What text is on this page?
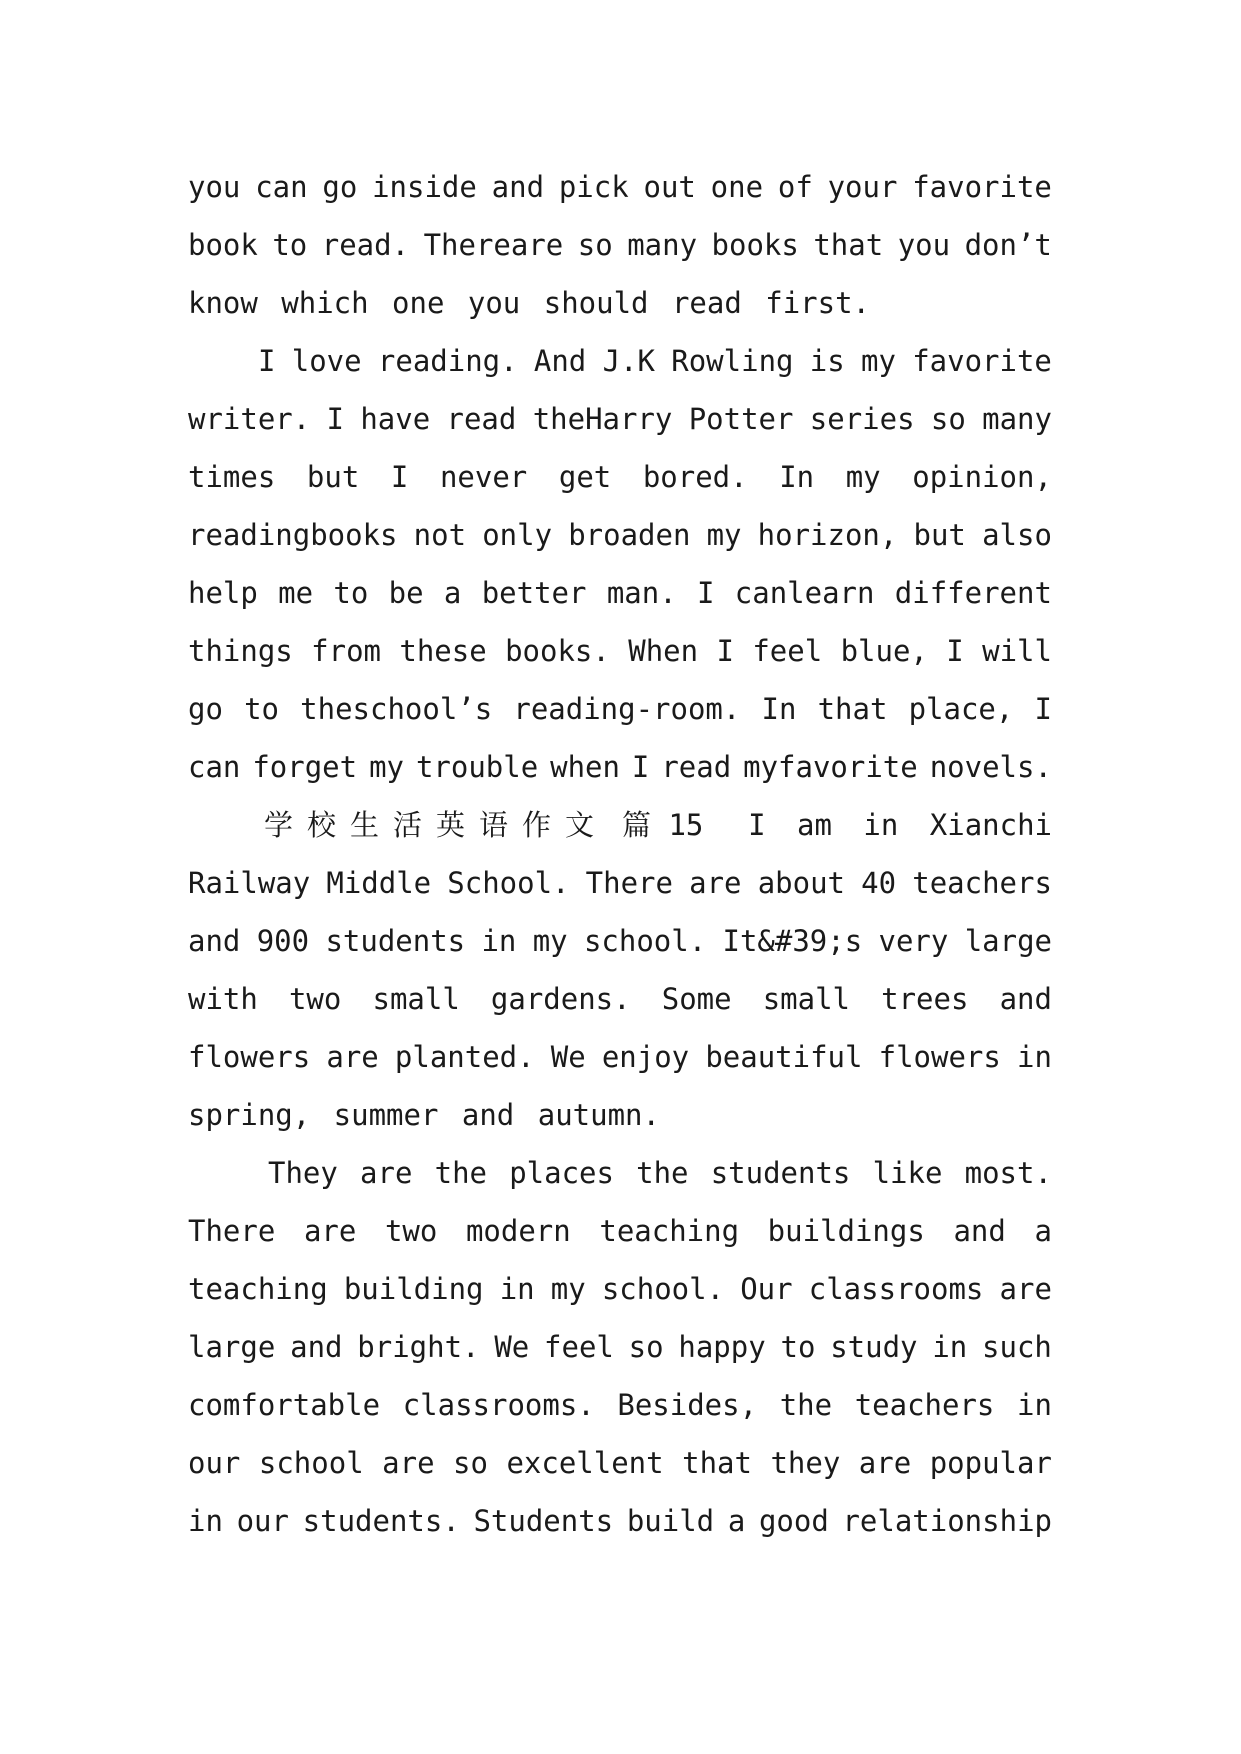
you can go inside and pick out one of your favorite
book to read. Thereare so many books that you don’t
know which one you should read first.
I love reading. And J.K Rowling is my favorite
writer. I have read theHarry Potter series so many
times but I never get bored. In my opinion,
readingbooks not only broaden my horizon, but also
help me to be a better man. I canlearn different
things from these books. When I feel blue, I will
go to theschool’s reading-room. In that place, I
can forget my trouble when I read myfavorite novels.
学校生活英语作文 篇 15 I am in Xianchi
Railway Middle School. There are about 40 teachers
and 900 students in my school. It&#39;s very large
with two small gardens. Some small trees and
flowers are planted. We enjoy beautiful flowers in
spring, summer and autumn.
They are the places the students like most.
There are two modern teaching buildings and a
teaching building in my school. Our classrooms are
large and bright. We feel so happy to study in such
comfortable classrooms. Besides, the teachers in
our school are so excellent that they are popular
in our students. Students build a good relationship
